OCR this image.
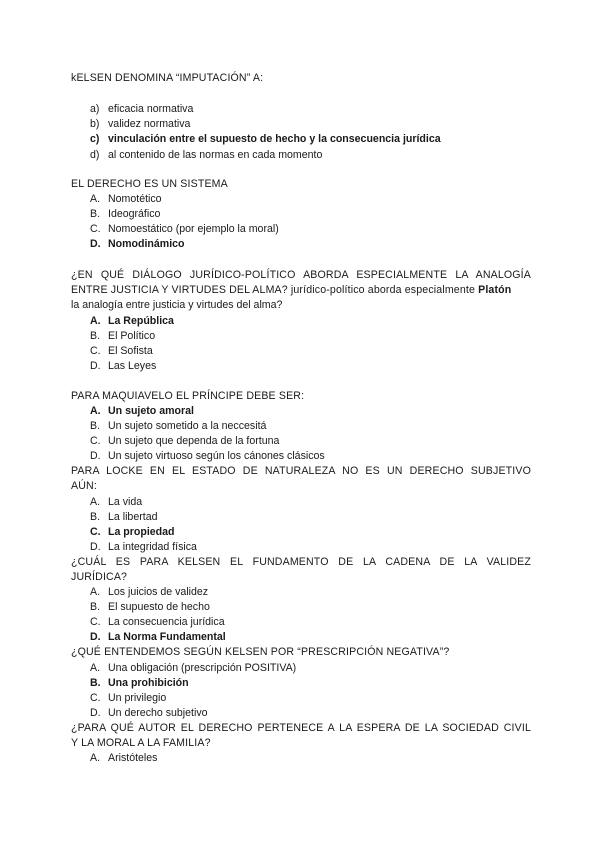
kELSEN DENOMINA “IMPUTACIÓN” A:
a) eficacia normativa
b) validez normativa
c) vinculación entre el supuesto de hecho y la consecuencia jurídica
d) al contenido de las normas en cada momento
EL DERECHO ES UN SISTEMA
A. Nomotético
B. Ideográfico
C. Nomoestático (por ejemplo la moral)
D. Nomodinámico
¿EN QUÉ DIÁLOGO JURÍDICO-POLÍTICO ABORDA ESPECIALMENTE LA ANALOGÍA
ENTRE JUSTICIA Y VIRTUDES DEL ALMA? jurídico-político aborda especialmente Platón
la analogía entre justicia y virtudes del alma?
A. La República
B. El Político
C. El Sofista
D. Las Leyes
PARA MAQUIAVELO EL PRÍNCIPE DEBE SER:
A. Un sujeto amoral
B. Un sujeto sometido a la neccesitá
C. Un sujeto que dependa de la fortuna
D. Un sujeto virtuoso según los cánones clásicos
PARA LOCKE EN EL ESTADO DE NATURALEZA NO ES UN DERECHO SUBJETIVO
AÚN:
A. La vida
B. La libertad
C. La propiedad
D. La integridad física
¿CUÁL ES PARA KELSEN EL FUNDAMENTO DE LA CADENA DE LA VALIDEZ
JURÍDICA?
A. Los juicios de validez
B. El supuesto de hecho
C. La consecuencia jurídica
D. La Norma Fundamental
¿QUÉ ENTENDEMOS SEGÚN KELSEN POR “PRESCRIPCIÓN NEGATIVA”?
A. Una obligación (prescripción POSITIVA)
B. Una prohibición
C. Un privilegio
D. Un derecho subjetivo
¿PARA QUÉ AUTOR EL DERECHO PERTENECE A LA ESPERA DE LA SOCIEDAD CIVIL
Y LA MORAL A LA FAMILIA?
A. Aristóteles
